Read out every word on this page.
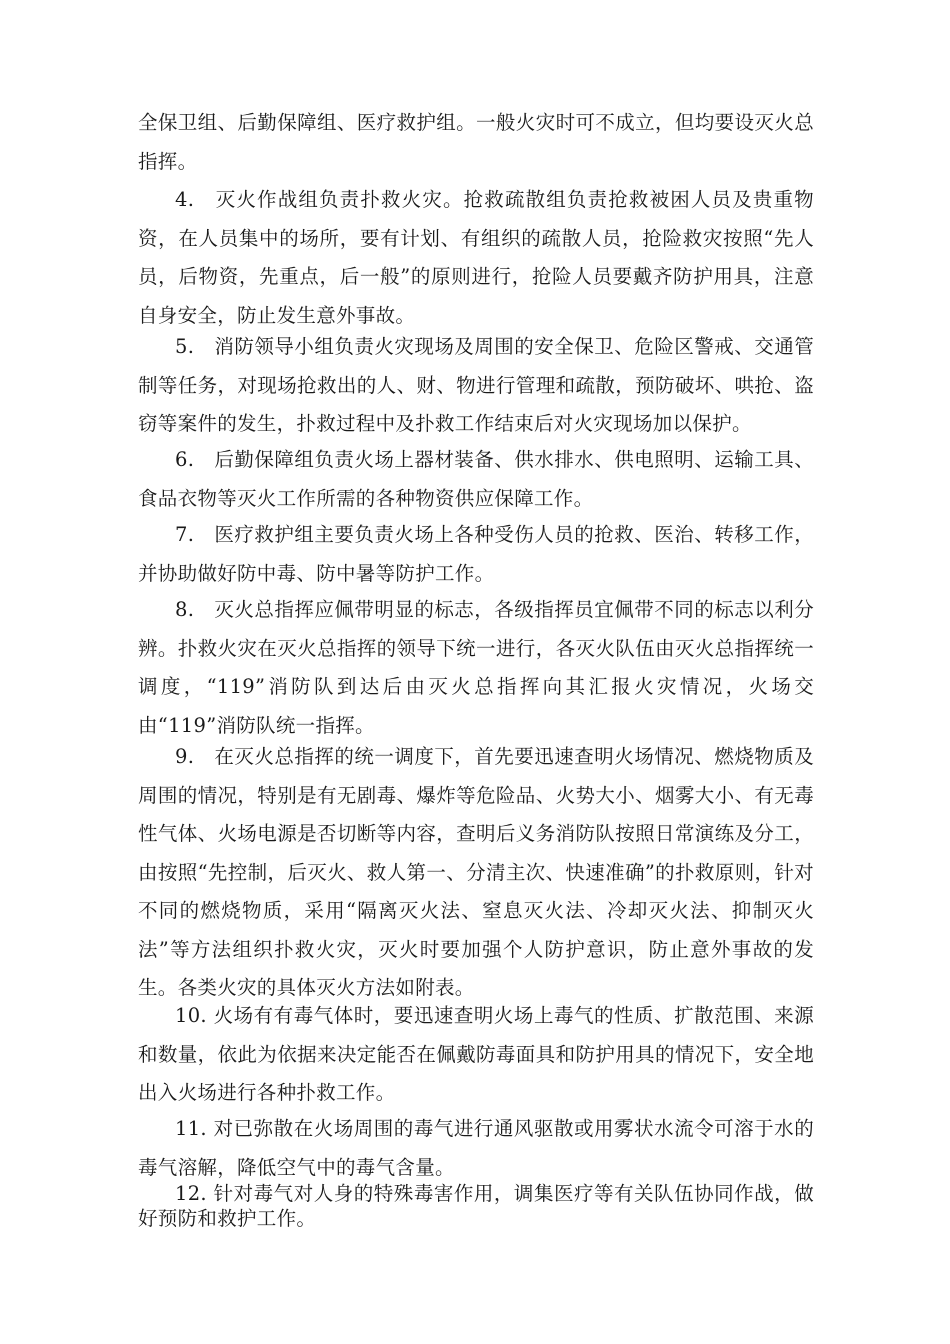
全保卫组、后勤保障组、医疗救护组。一般火灾时可不成立，但均要设灭火总指挥。

4.　灭火作战组负责扑救火灾。抢救疏散组负责抢救被困人员及贵重物资，在人员集中的场所，要有计划、有组织的疏散人员，抢险救灾按照“先人员，后物资，先重点，后一般”的原则进行，抢险人员要戴齐防护用具，注意自身安全，防止发生意外事故。

5.　消防领导小组负责火灾现场及周围的安全保卫、危险区警戒、交通管制等任务，对现场抢救出的人、财、物进行管理和疏散，预防破坏、哄抢、盗窃等案件的发生，扑救过程中及扑救工作结束后对火灾现场加以保护。

6.　后勤保障组负责火场上器材装备、供水排水、供电照明、运输工具、食品衣物等灭火工作所需的各种物资供应保障工作。

7.　医疗救护组主要负责火场上各种受伤人员的抢救、医治、转移工作，并协助做好防中毒、防中暑等防护工作。

8.　灭火总指挥应佩带明显的标志，各级指挥员宜佩带不同的标志以利分辨。扑救火灾在灭火总指挥的领导下统一进行，各灭火队伍由灭火总指挥统一调度，“119”消防队到达后由灭火总指挥向其汇报火灾情况，火场交由“119”消防队统一指挥。

9.　在灭火总指挥的统一调度下，首先要迅速查明火场情况、燃烧物质及周围的情况，特别是有无剧毒、爆炸等危险品、火势大小、烟雾大小、有无毒性气体、火场电源是否切断等内容，查明后义务消防队按照日常演练及分工，由按照“先控制，后灭火、救人第一、分清主次、快速准确”的扑救原则，针对不同的燃烧物质，采用“隔离灭火法、窒息灭火法、冷却灭火法、抑制灭火法”等方法组织扑救火灾，灭火时要加强个人防护意识，防止意外事故的发生。各类火灾的具体灭火方法如附表。

10. 火场有有毒气体时，要迅速查明火场上毒气的性质、扩散范围、来源和数量，依此为依据来决定能否在佩戴防毒面具和防护用具的情况下，安全地出入火场进行各种扑救工作。

11. 对已弥散在火场周围的毒气进行通风驱散或用雾状水流令可溶于水的毒气溶解，降低空气中的毒气含量。

12. 针对毒气对人身的特殊毒害作用，调集医疗等有关队伍协同作战，做好预防和救护工作。
